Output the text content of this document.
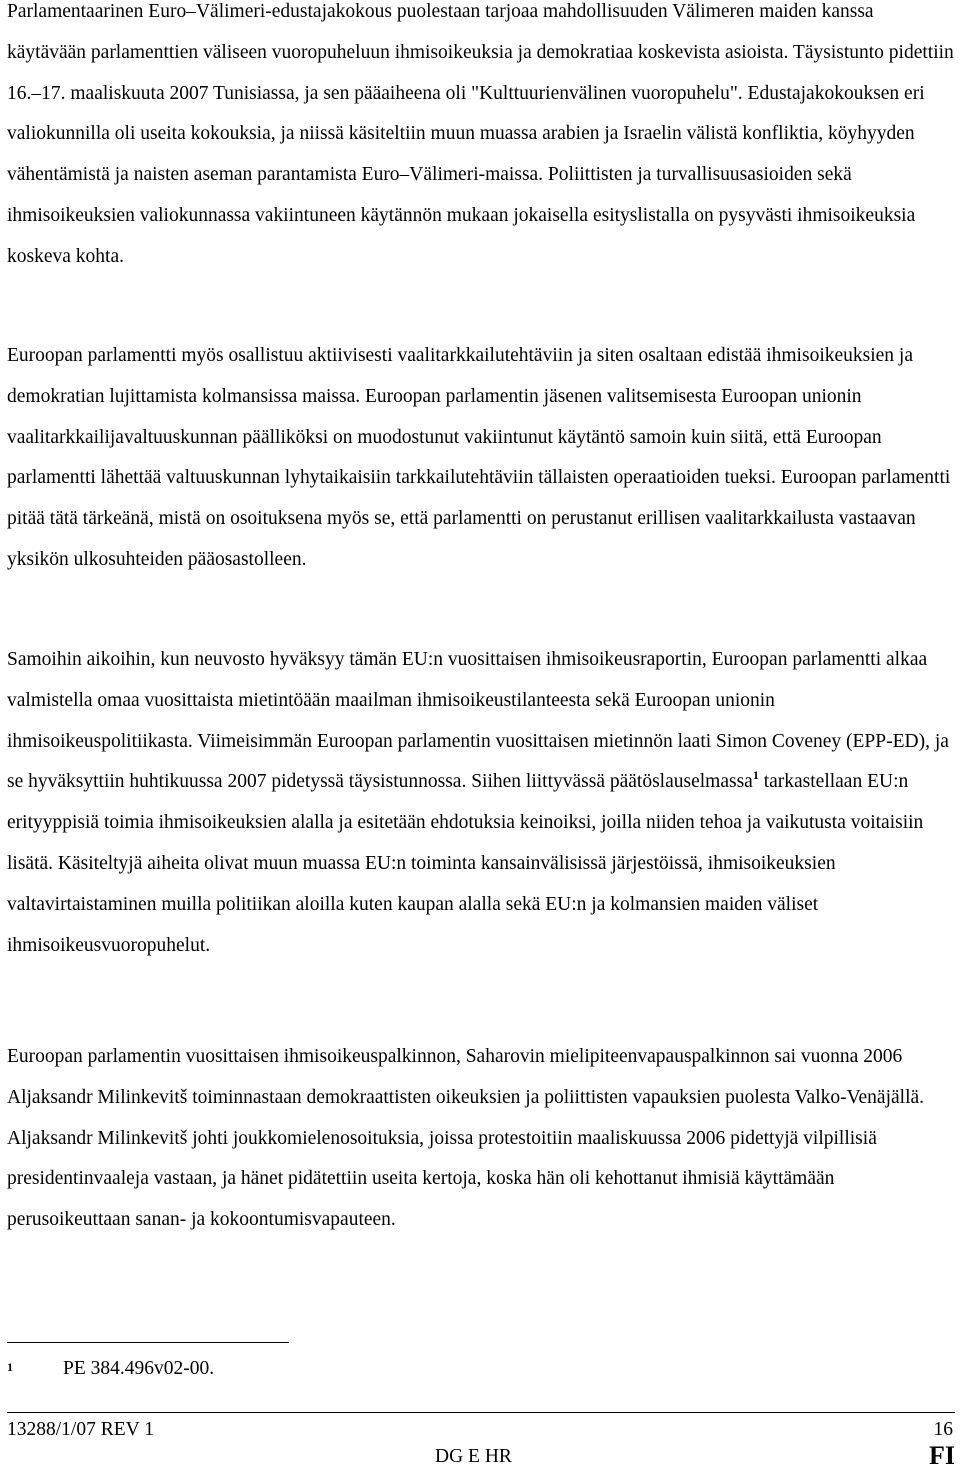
Parlamentaarinen Euro–Välimeri-edustajakokous puolestaan tarjoaa mahdollisuuden Välimeren maiden kanssa käytävään parlamenttien väliseen vuoropuheluun ihmisoikeuksia ja demokratiaa koskevista asioista. Täysistunto pidettiin 16.–17. maaliskuuta 2007 Tunisiassa, ja sen pääaiheena oli "Kulttuurienvälinen vuoropuhelu". Edustajakokouksen eri valiokunnilla oli useita kokouksia, ja niissä käsiteltiin muun muassa arabien ja Israelin välistä konfliktia, köyhyyden vähentämistä ja naisten aseman parantamista Euro–Välimeri-maissa. Poliittisten ja turvallisuusasioiden sekä ihmisoikeuksien valiokunnassa vakiintuneen käytännön mukaan jokaisella esityslistalla on pysyvästi ihmisoikeuksia koskeva kohta.

Euroopan parlamentti myös osallistuu aktiivisesti vaalitarkkailutehtäviin ja siten osaltaan edistää ihmisoikeuksien ja demokratian lujittamista kolmansissa maissa. Euroopan parlamentin jäsenen valitsemisesta Euroopan unionin vaalitarkkailijavaltuuskunnan päälliköksi on muodostunut vakiintunut käytäntö samoin kuin siitä, että Euroopan parlamentti lähettää valtuuskunnan lyhytaikaisiin tarkkailutehtäviin tällaisten operaatioiden tueksi. Euroopan parlamentti pitää tätä tärkeänä, mistä on osoituksena myös se, että parlamentti on perustanut erillisen vaalitarkkailusta vastaavan yksikön ulkosuhteiden pääosastolleen.

Samoihin aikoihin, kun neuvosto hyväksyy tämän EU:n vuosittaisen ihmisoikeusraportin, Euroopan parlamentti alkaa valmistella omaa vuosittaista mietintöään maailman ihmisoikeustilanteesta sekä Euroopan unionin ihmisoikeuspolitiikasta. Viimeisimmän Euroopan parlamentin vuosittaisen mietinnön laati Simon Coveney (EPP-ED), ja se hyväksyttiin huhtikuussa 2007 pidetyssä täysistunnossa. Siihen liittyvässä päätöslauselmassa$^1$ tarkastellaan EU:n erityyppisiä toimia ihmisoikeuksien alalla ja esitetään ehdotuksia keinoiksi, joilla niiden tehoa ja vaikutusta voitaisiin lisätä. Käsiteltyjä aiheita olivat muun muassa EU:n toiminta kansainvälisissä järjestöissä, ihmisoikeuksien valtavirtaistaminen muilla politiikan aloilla kuten kaupan alalla sekä EU:n ja kolmansien maiden väliset ihmisoikeusvuoropuhelut.

Euroopan parlamentin vuosittaisen ihmisoikeuspalkinnon, Saharovin mielipiteenvapauspalkinnon sai vuonna 2006 Aljaksandr Milinkevitš toiminnastaan demokraattisten oikeuksien ja poliittisten vapauksien puolesta Valko-Venäjällä. Aljaksandr Milinkevitš johti joukkomielenosoituksia, joissa protestoitiin maaliskuussa 2006 pidettyjä vilpillisiä presidentinvaaleja vastaan, ja hänet pidätettiin useita kertoja, koska hän oli kehottanut ihmisiä käyttämään perusoikeuttaan sanan- ja kokoontumisvapauteen.

1	PE 384.496v02-00.
13288/1/07 REV 1	16
DG E HR	FI
